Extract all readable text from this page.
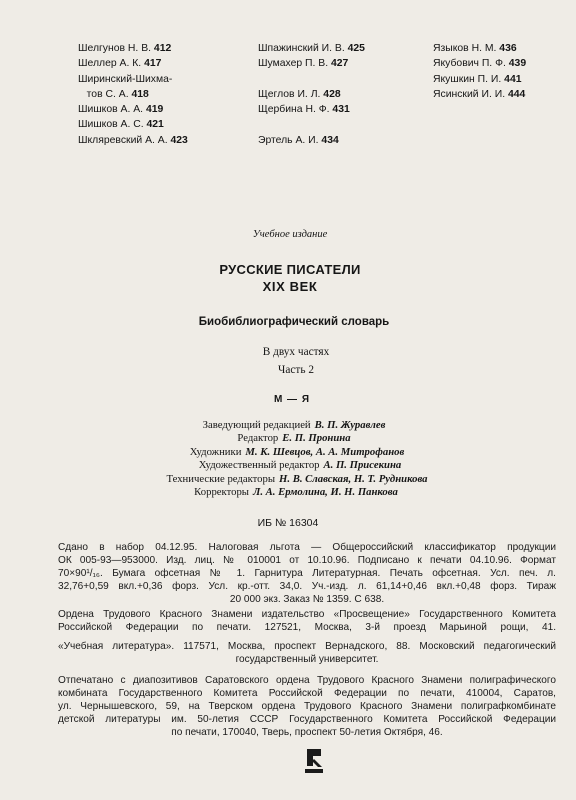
Шелгунов Н. В. 412
Шеллер А. К. 417
Ширинский-Шихма-
тов С. А. 418
Шишков А. А. 419
Шишков А. С. 421
Шкляревский А. А. 423
Шпажинский И. В. 425
Шумахер П. В. 427
Щеглов И. Л. 428
Щербина Н. Ф. 431
Эртель А. И. 434
Языков Н. М. 436
Якубович П. Ф. 439
Якушкин П. И. 441
Ясинский И. И. 444
Учебное издание
РУССКИЕ ПИСАТЕЛИ
XIX ВЕК
Биобиблиографический словарь
В двух частях
Часть 2
М — Я
Заведующий редакцией В. П. Журавлев
Редактор Е. П. Пронина
Художники М. К. Шевцов, А. А. Митрофанов
Художественный редактор А. П. Присекина
Технические редакторы Н. В. Славская, Н. Т. Рудникова
Корректоры Л. А. Ермолина, И. Н. Панкова
ИБ № 16304
Сдано в набор 04.12.95. Налоговая льгота — Общероссийский классификатор продукции
ОК 005-93—953000. Изд. лиц. № 010001 от 10.10.96. Подписано к печати 04.10.96. Формат
70×90¹/₁₆. Бумага офсетная № 1. Гарнитура Литературная. Печать офсетная. Усл. печ. л.
32,76+0,59 вкл.+0,36 форз. Усл. кр.-отт. 34,0. Уч.-изд. л. 61,14+0,46 вкл.+0,48 форз. Тираж
20 000 экз. Заказ № 1359. С 638.
Ордена Трудового Красного Знамени издательство «Просвещение» Государственного Комитета
Российской Федерации по печати. 127521, Москва, 3-й проезд Марьиной рощи, 41.
«Учебная литература». 117571, Москва, проспект Вернадского, 88. Московский педагогический
государственный университет.
Отпечатано с диапозитивов Саратовского ордена Трудового Красного Знамени полиграфического
комбината Государственного Комитета Российской Федерации по печати, 410004, Саратов,
ул. Чернышевского, 59, на Тверском ордена Трудового Красного Знамени полиграфкомбинате
детской литературы им. 50-летия СССР Государственного Комитета Российской Федерации
по печати, 170040, Тверь, проспект 50-летия Октября, 46.
